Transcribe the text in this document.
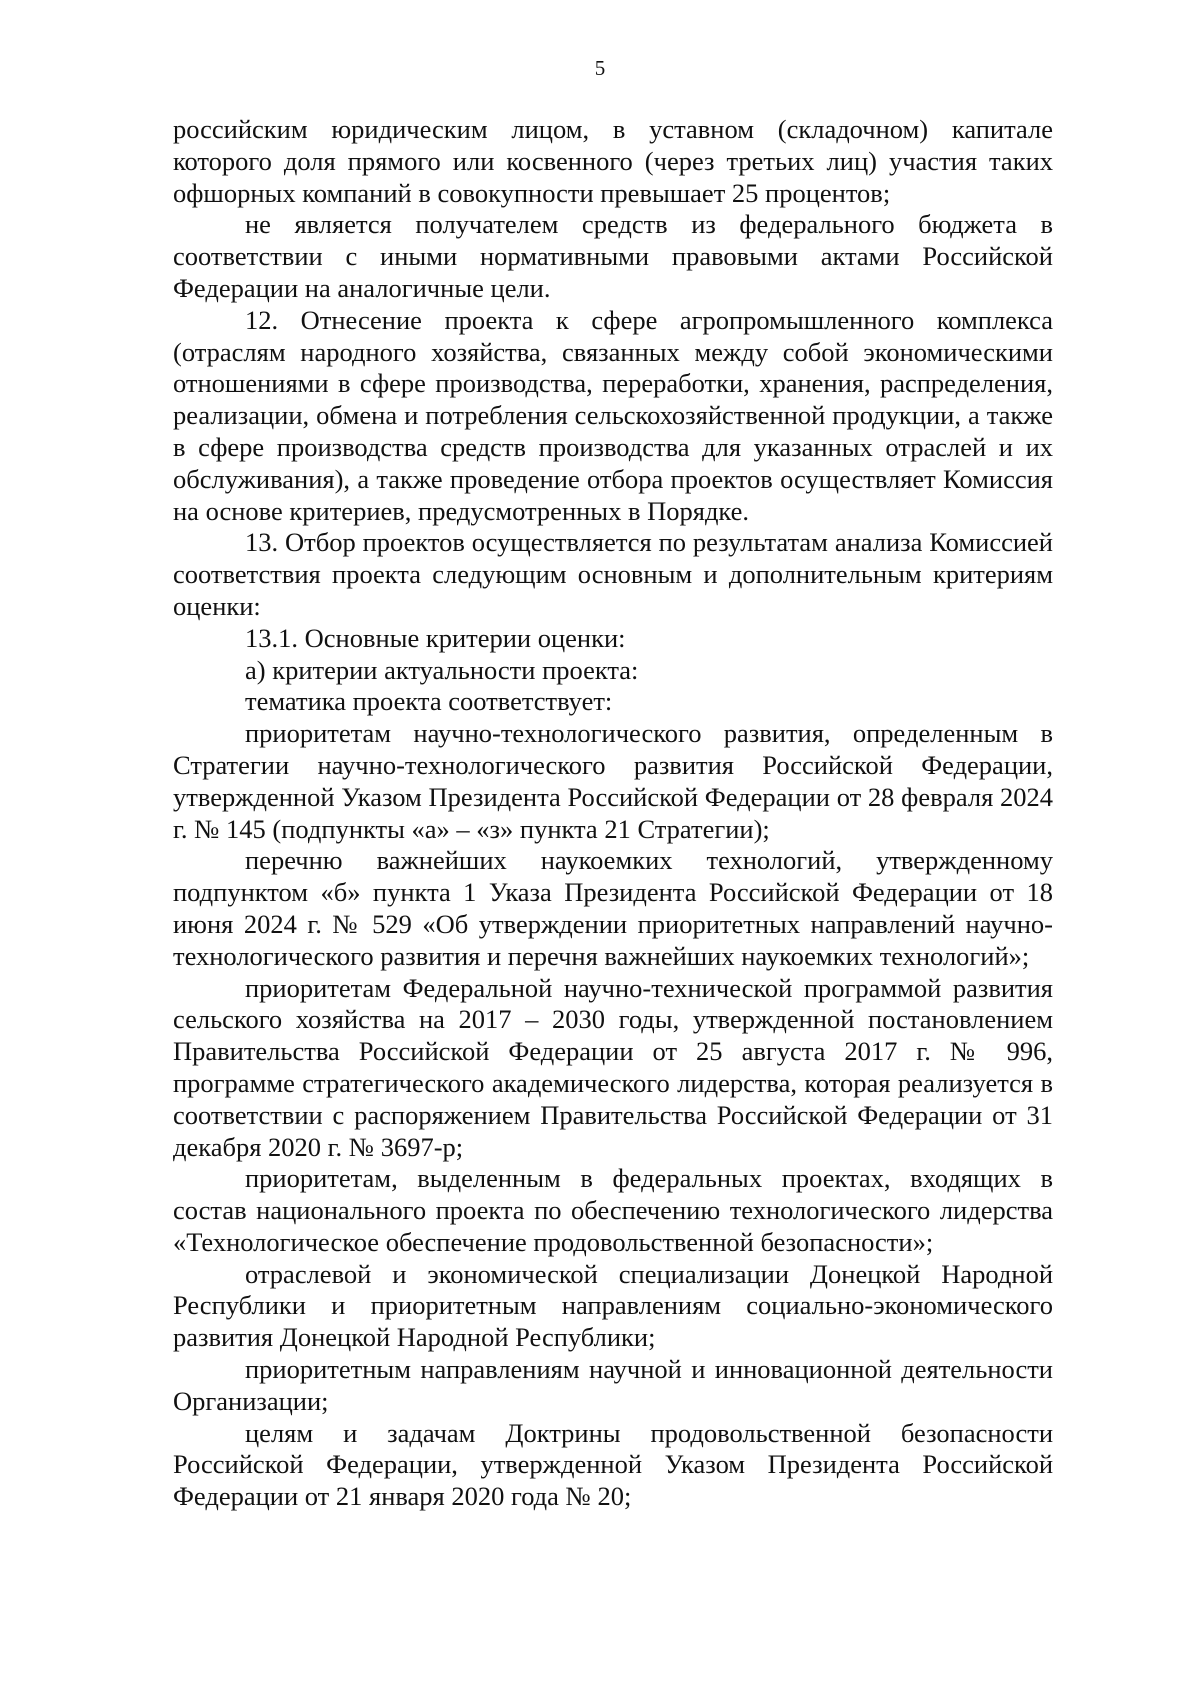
5

российским юридическим лицом, в уставном (складочном) капитале которого доля прямого или косвенного (через третьих лиц) участия таких офшорных компаний в совокупности превышает 25 процентов;

не является получателем средств из федерального бюджета в соответствии с иными нормативными правовыми актами Российской Федерации на аналогичные цели.

12. Отнесение проекта к сфере агропромышленного комплекса (отраслям народного хозяйства, связанных между собой экономическими отношениями в сфере производства, переработки, хранения, распределения, реализации, обмена и потребления сельскохозяйственной продукции, а также в сфере производства средств производства для указанных отраслей и их обслуживания), а также проведение отбора проектов осуществляет Комиссия на основе критериев, предусмотренных в Порядке.

13. Отбор проектов осуществляется по результатам анализа Комиссией соответствия проекта следующим основным и дополнительным критериям оценки:

13.1. Основные критерии оценки:

а) критерии актуальности проекта:

тематика проекта соответствует:

приоритетам научно-технологического развития, определенным в Стратегии научно-технологического развития Российской Федерации, утвержденной Указом Президента Российской Федерации от 28 февраля 2024 г. № 145 (подпункты «а» – «з» пункта 21 Стратегии);

перечню важнейших наукоемких технологий, утвержденному подпунктом «б» пункта 1 Указа Президента Российской Федерации от 18 июня 2024 г. № 529 «Об утверждении приоритетных направлений научно-технологического развития и перечня важнейших наукоемких технологий»;

приоритетам Федеральной научно-технической программой развития сельского хозяйства на 2017 – 2030 годы, утвержденной постановлением Правительства Российской Федерации от 25 августа 2017 г. № 996, программе стратегического академического лидерства, которая реализуется в соответствии с распоряжением Правительства Российской Федерации от 31 декабря 2020 г. № 3697-р;

приоритетам, выделенным в федеральных проектах, входящих в состав национального проекта по обеспечению технологического лидерства «Технологическое обеспечение продовольственной безопасности»;

отраслевой и экономической специализации Донецкой Народной Республики и приоритетным направлениям социально-экономического развития Донецкой Народной Республики;

приоритетным направлениям научной и инновационной деятельности Организации;

целям и задачам Доктрины продовольственной безопасности Российской Федерации, утвержденной Указом Президента Российской Федерации от 21 января 2020 года № 20;
